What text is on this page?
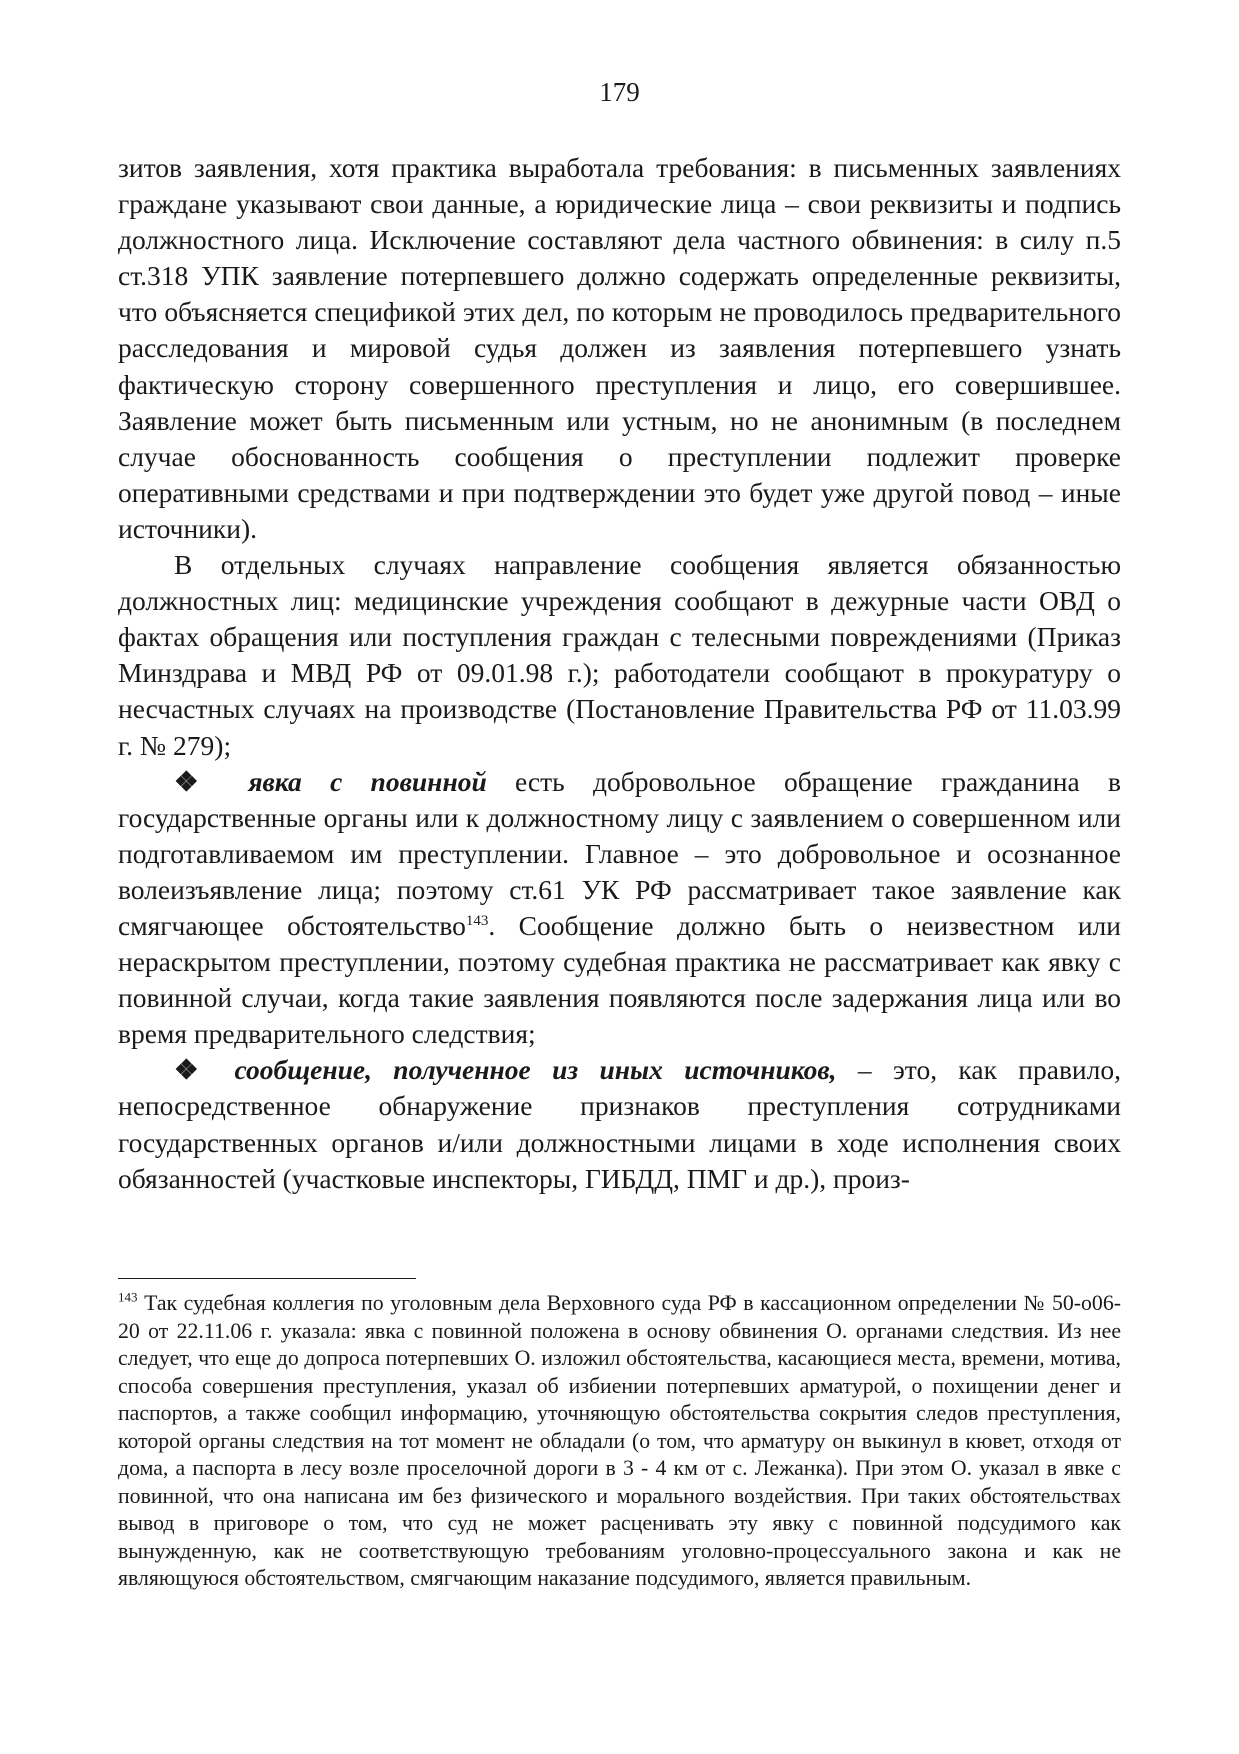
179

зитов заявления, хотя практика выработала требования: в письменных заявлениях граждане указывают свои данные, а юридические лица – свои реквизиты и подпись должностного лица. Исключение составляют дела частного обвинения: в силу п.5 ст.318 УПК заявление потерпевшего должно содержать определенные реквизиты, что объясняется спецификой этих дел, по которым не проводилось предварительного расследования и мировой судья должен из заявления потерпевшего узнать фактическую сторону совершенного преступления и лицо, его совершившее. Заявление может быть письменным или устным, но не анонимным (в последнем случае обоснованность сообщения о преступлении подлежит проверке оперативными средствами и при подтверждении это будет уже другой повод – иные источники).

В отдельных случаях направление сообщения является обязанностью должностных лиц: медицинские учреждения сообщают в дежурные части ОВД о фактах обращения или поступления граждан с телесными повреждениями (Приказ Минздрава и МВД РФ от 09.01.98 г.); работодатели сообщают в прокуратуру о несчастных случаях на производстве (Постановление Правительства РФ от 11.03.99 г. № 279);

❖ явка с повинной есть добровольное обращение гражданина в государственные органы или к должностному лицу с заявлением о совершенном или подготавливаемом им преступлении. Главное – это добровольное и осознанное волеизъявление лица; поэтому ст.61 УК РФ рассматривает такое заявление как смягчающее обстоятельство$^{143}$. Сообщение должно быть о неизвестном или нераскрытом преступлении, поэтому судебная практика не рассматривает как явку с повинной случаи, когда такие заявления появляются после задержания лица или во время предварительного следствия;

❖ сообщение, полученное из иных источников, – это, как правило, непосредственное обнаружение признаков преступления сотрудниками государственных органов и/или должностными лицами в ходе исполнения своих обязанностей (участковые инспекторы, ГИБДД, ПМГ и др.), произ-

$^{143}$ Так судебная коллегия по уголовным дела Верховного суда РФ в кассационном определении № 50-о06-20 от 22.11.06 г. указала: явка с повинной положена в основу обвинения О. органами следствия. Из нее следует, что еще до допроса потерпевших О. изложил обстоятельства, касающиеся места, времени, мотива, способа совершения преступления, указал об избиении потерпевших арматурой, о похищении денег и паспортов, а также сообщил информацию, уточняющую обстоятельства сокрытия следов преступления, которой органы следствия на тот момент не обладали (о том, что арматуру он выкинул в кювет, отходя от дома, а паспорта в лесу возле проселочной дороги в 3 - 4 км от с. Лежанка). При этом О. указал в явке с повинной, что она написана им без физического и морального воздействия. При таких обстоятельствах вывод в приговоре о том, что суд не может расценивать эту явку с повинной подсудимого как вынужденную, как не соответствующую требованиям уголовно-процессуального закона и как не являющуюся обстоятельством, смягчающим наказание подсудимого, является правильным.
